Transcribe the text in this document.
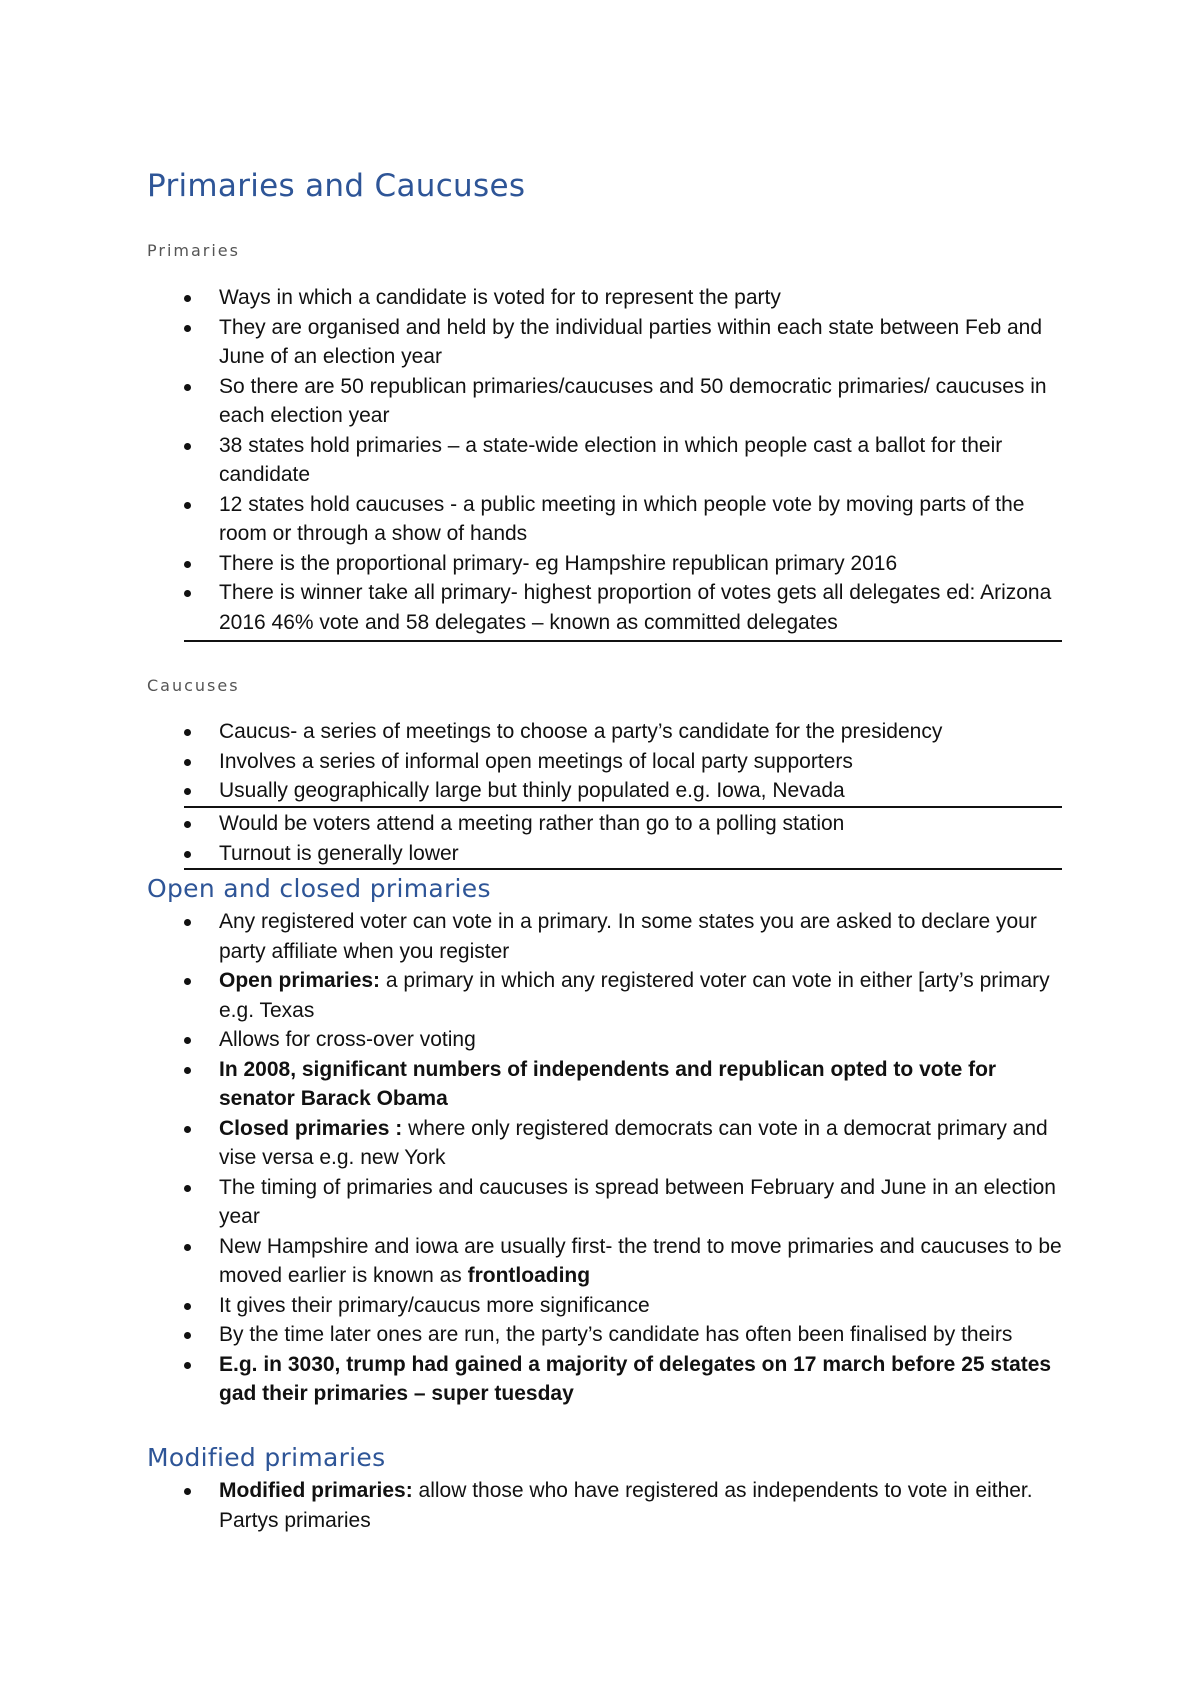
Primaries and Caucuses
Primaries
Ways in which a candidate is voted for to represent the party
They are organised and held by the individual parties within each state between Feb and June of an election year
So there are 50 republican primaries/caucuses and 50 democratic primaries/ caucuses in each election year
38 states hold primaries – a state-wide election in which people cast a ballot for their candidate
12 states hold caucuses - a public meeting in which people vote by moving parts of the room or through a show of hands
There is the proportional primary- eg Hampshire republican primary 2016
There is winner take all primary- highest proportion of votes gets all delegates ed: Arizona 2016 46% vote and 58 delegates – known as committed delegates
Caucuses
Caucus- a series of meetings to choose a party’s candidate for the presidency
Involves a series of informal open meetings of local party supporters
Usually geographically large but thinly populated e.g. Iowa, Nevada
Would be voters attend a meeting rather than go to a polling station
Turnout is generally lower
Open and closed primaries
Any registered voter can vote in a primary. In some states you are asked to declare your party affiliate when you register
Open primaries: a primary in which any registered voter can vote in either [arty’s primary e.g. Texas
Allows for cross-over voting
In 2008, significant numbers of independents and republican opted to vote for senator Barack Obama
Closed primaries : where only registered democrats can vote in a democrat primary and vise versa e.g. new York
The timing of primaries and caucuses is spread between February and June in an election year
New Hampshire and iowa are usually first- the trend to move primaries and caucuses to be moved earlier is known as frontloading
It gives their primary/caucus more significance
By the time later ones are run, the party’s candidate has often been finalised by theirs
E.g. in 3030, trump had gained a majority of delegates on 17 march before 25 states gad their primaries – super tuesday
Modified primaries
Modified primaries: allow those who have registered as independents to vote in either. Partys primaries
